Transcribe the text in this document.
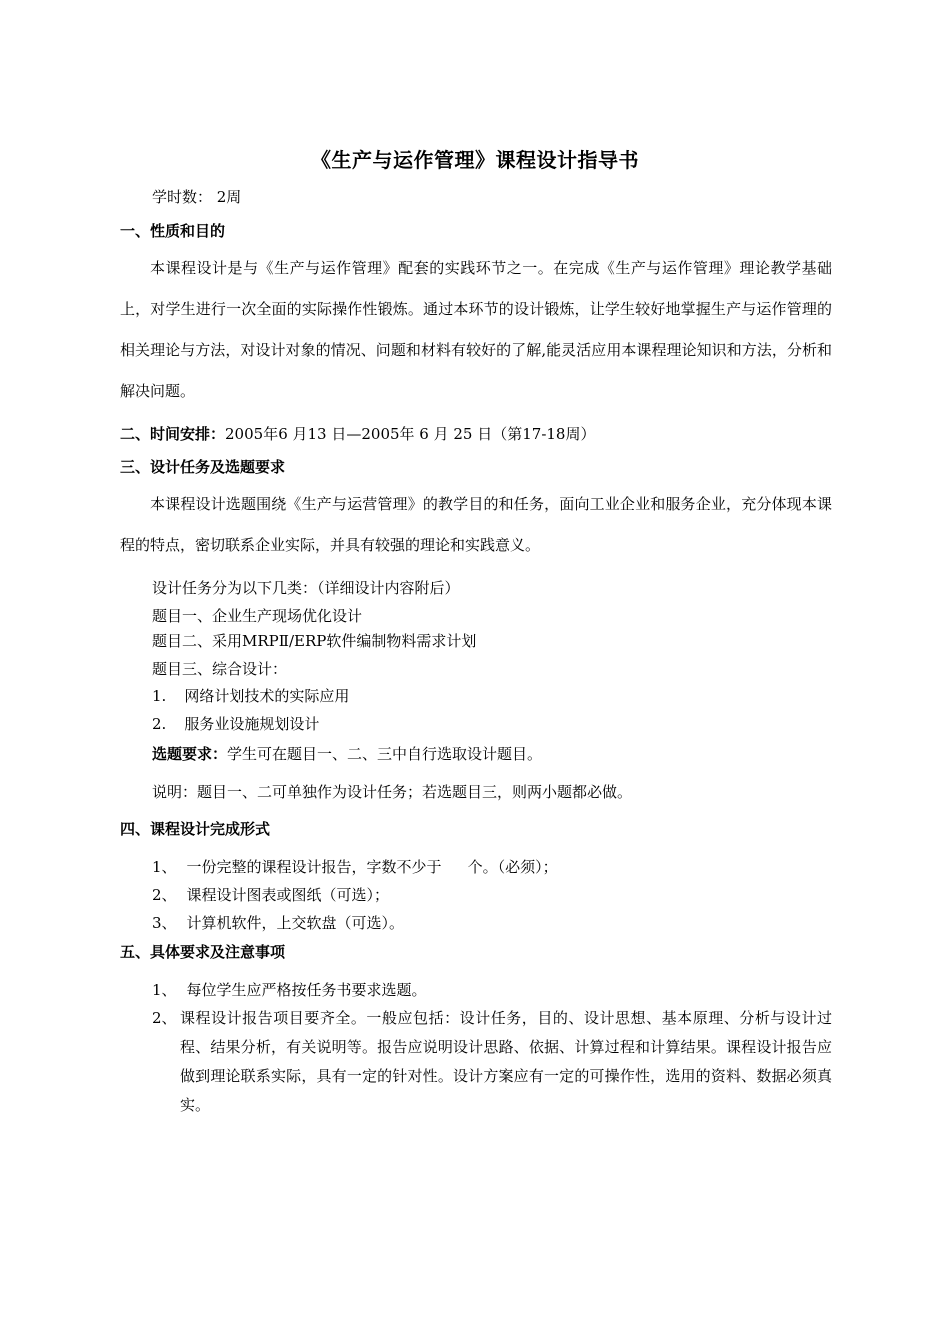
《生产与运作管理》课程设计指导书
学时数： 2周
一、性质和目的
本课程设计是与《生产与运作管理》配套的实践环节之一。在完成《生产与运作管理》理论教学基础上，对学生进行一次全面的实际操作性锻炼。通过本环节的设计锻炼，让学生较好地掌握生产与运作管理的相关理论与方法，对设计对象的情况、问题和材料有较好的了解,能灵活应用本课程理论知识和方法，分析和解决问题。
二、时间安排：2005年6 月13 日—2005年 6 月 25 日（第17-18周）
三、设计任务及选题要求
本课程设计选题围绕《生产与运营管理》的教学目的和任务，面向工业企业和服务企业，充分体现本课程的特点，密切联系企业实际，并具有较强的理论和实践意义。
设计任务分为以下几类：（详细设计内容附后）
题目一、企业生产现场优化设计
题目二、采用MRPⅡ/ERP软件编制物料需求计划
题目三、综合设计：
1. 网络计划技术的实际应用
2. 服务业设施规划设计
选题要求：学生可在题目一、二、三中自行选取设计题目。
说明：题目一、二可单独作为设计任务；若选题目三，则两小题都必做。
四、课程设计完成形式
1、 一份完整的课程设计报告，字数不少于 个。（必须）；
2、 课程设计图表或图纸（可选）；
3、 计算机软件，上交软盘（可选）。
五、具体要求及注意事项
1、 每位学生应严格按任务书要求选题。
2、 课程设计报告项目要齐全。一般应包括：设计任务，目的、设计思想、基本原理、分析与设计过程、结果分析，有关说明等。报告应说明设计思路、依据、计算过程和计算结果。课程设计报告应做到理论联系实际，具有一定的针对性。设计方案应有一定的可操作性，选用的资料、数据必须真实。
